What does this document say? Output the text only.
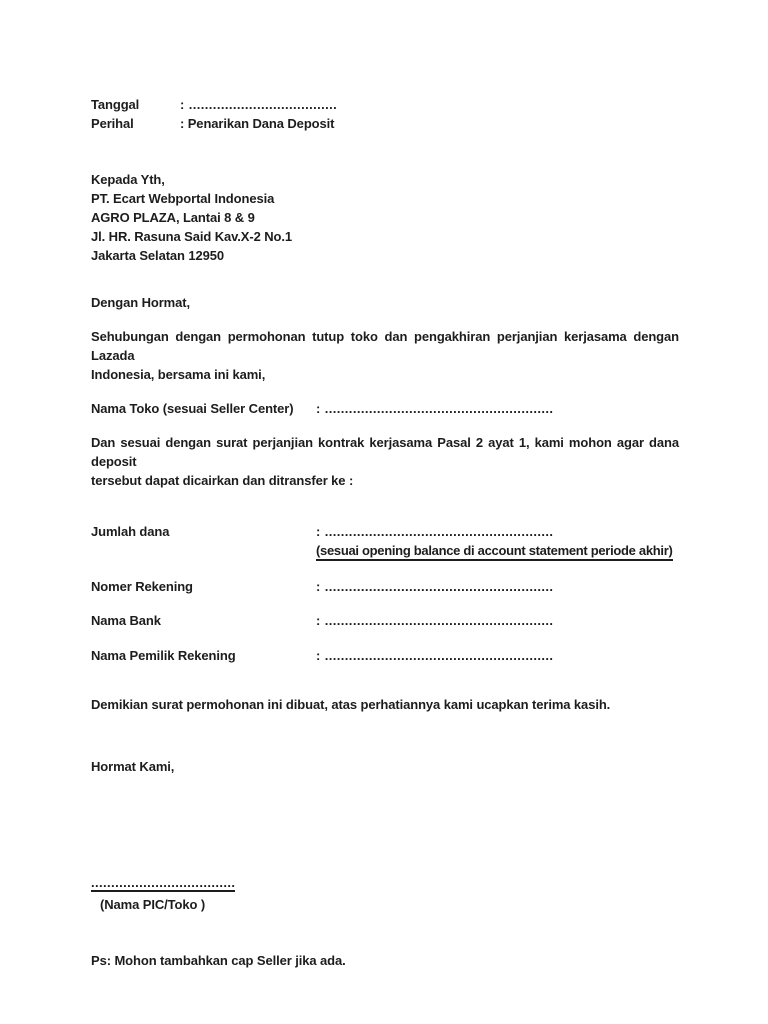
Tanggal	: .....................................
Perihal	: Penarikan Dana Deposit
Kepada Yth,
PT. Ecart Webportal Indonesia
AGRO PLAZA, Lantai 8 & 9
Jl. HR. Rasuna Said Kav.X-2 No.1
Jakarta Selatan 12950
Dengan Hormat,
Sehubungan dengan permohonan tutup toko dan pengakhiran perjanjian kerjasama dengan Lazada
Indonesia, bersama ini kami,
Nama Toko (sesuai Seller Center)	: .........................................................
Dan sesuai dengan surat perjanjian kontrak kerjasama Pasal 2 ayat 1, kami mohon agar dana deposit
tersebut dapat dicairkan dan ditransfer ke :
Jumlah dana	: .........................................................
(sesuai opening balance di account statement periode akhir)
Nomer Rekening	: .........................................................
Nama Bank	: .........................................................
Nama Pemilik Rekening	: .........................................................
Demikian surat permohonan ini dibuat, atas perhatiannya kami ucapkan terima kasih.
Hormat Kami,
....................................
(Nama PIC/Toko )
Ps: Mohon tambahkan cap Seller jika ada.
